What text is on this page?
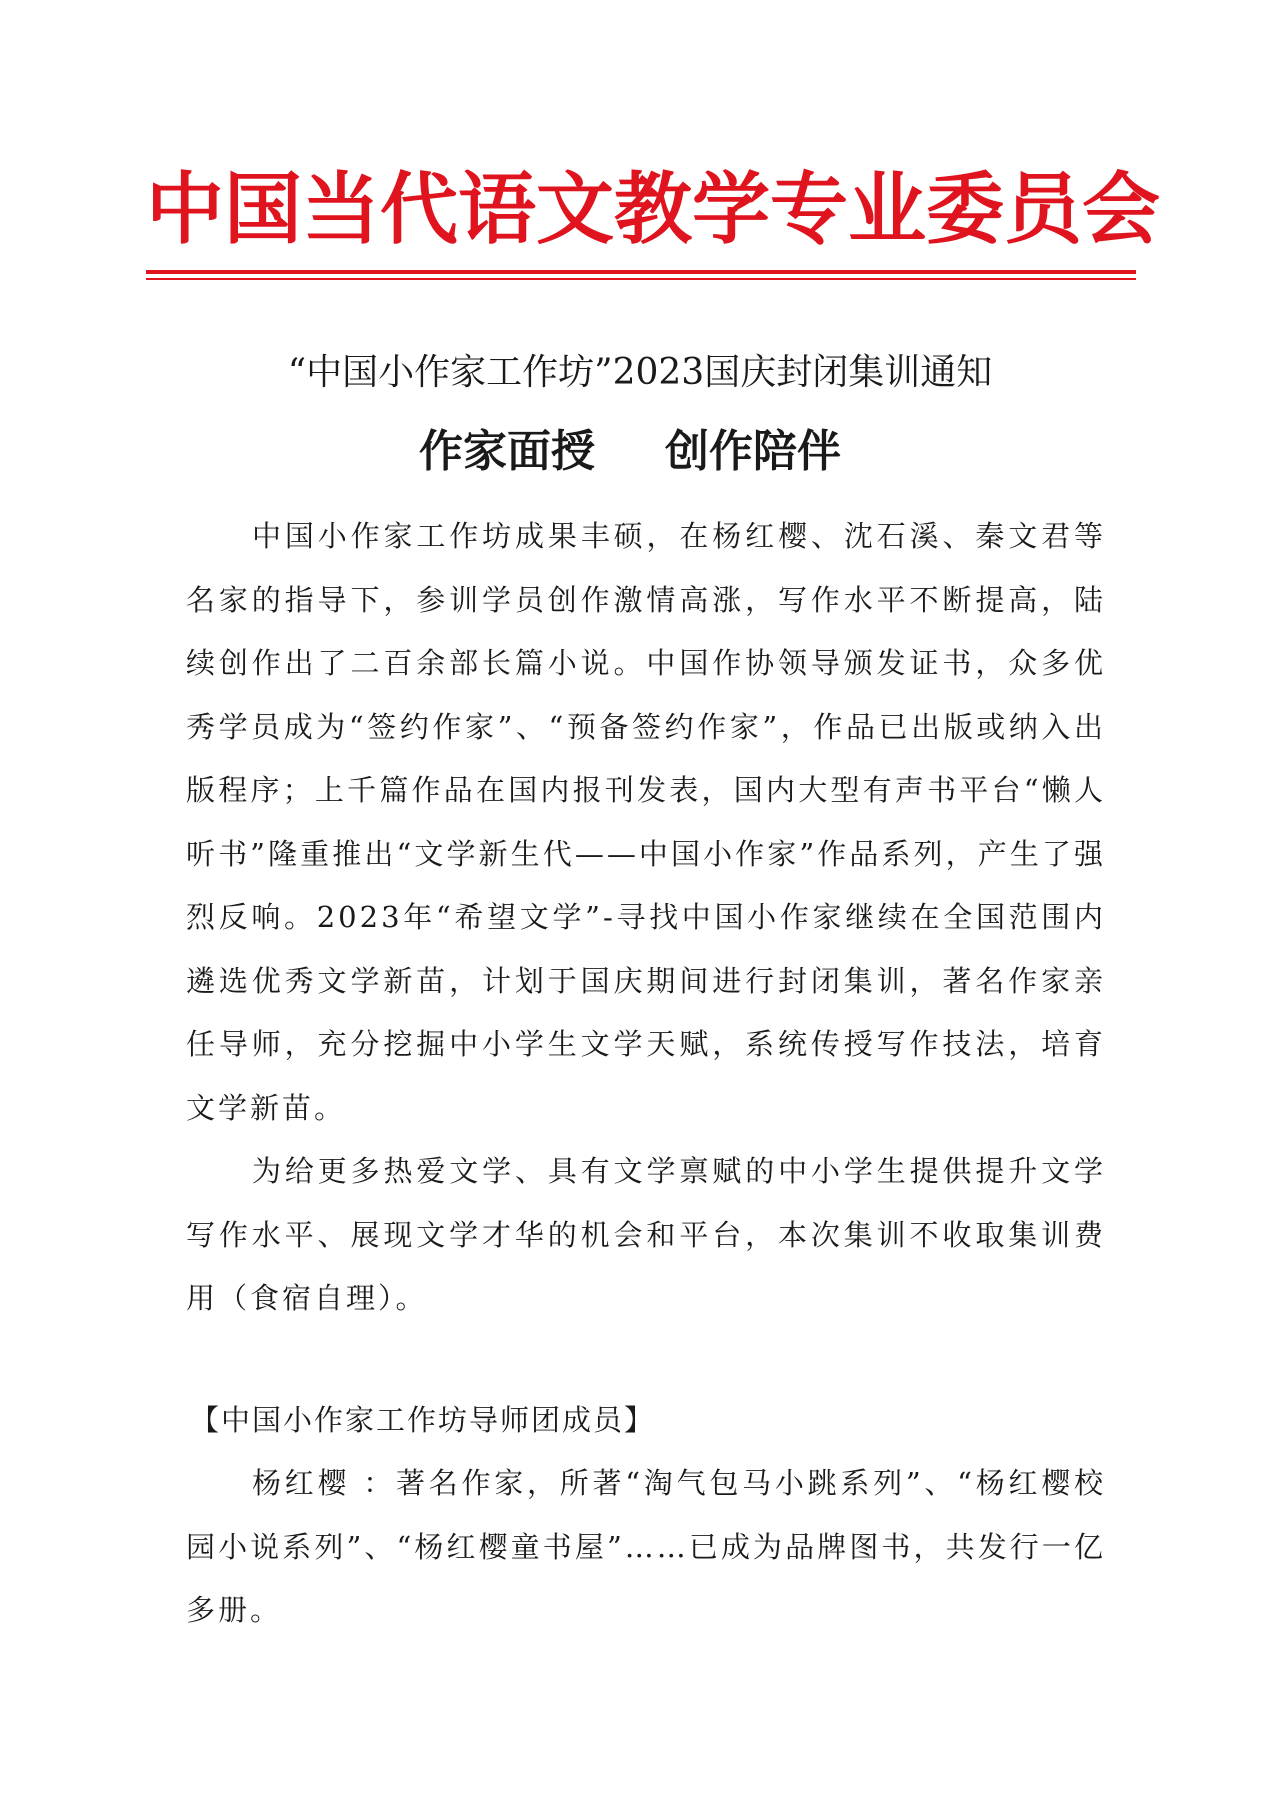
中国当代语文教学专业委员会
“中国小作家工作坊”2023国庆封闭集训通知
作家面授 创作陪伴

中国小作家工作坊成果丰硕，在杨红樱、沈石溪、秦文君等名家的指导下，参训学员创作激情高涨，写作水平不断提高，陆续创作出了二百余部长篇小说。中国作协领导颁发证书，众多优秀学员成为“签约作家”、“预备签约作家”，作品已出版或纳入出版程序；上千篇作品在国内报刊发表，国内大型有声书平台“懒人听书”隆重推出“文学新生代——中国小作家”作品系列，产生了强烈反响。2023年“希望文学”-寻找中国小作家继续在全国范围内遴选优秀文学新苗，计划于国庆期间进行封闭集训，著名作家亲任导师，充分挖掘中小学生文学天赋，系统传授写作技法，培育文学新苗。

为给更多热爱文学、具有文学禀赋的中小学生提供提升文学写作水平、展现文学才华的机会和平台，本次集训不收取集训费用（食宿自理）。

【中国小作家工作坊导师团成员】

杨红樱 ：著名作家，所著“淘气包马小跳系列”、“杨红樱校园小说系列”、“杨红樱童书屋”……已成为品牌图书，共发行一亿多册。
